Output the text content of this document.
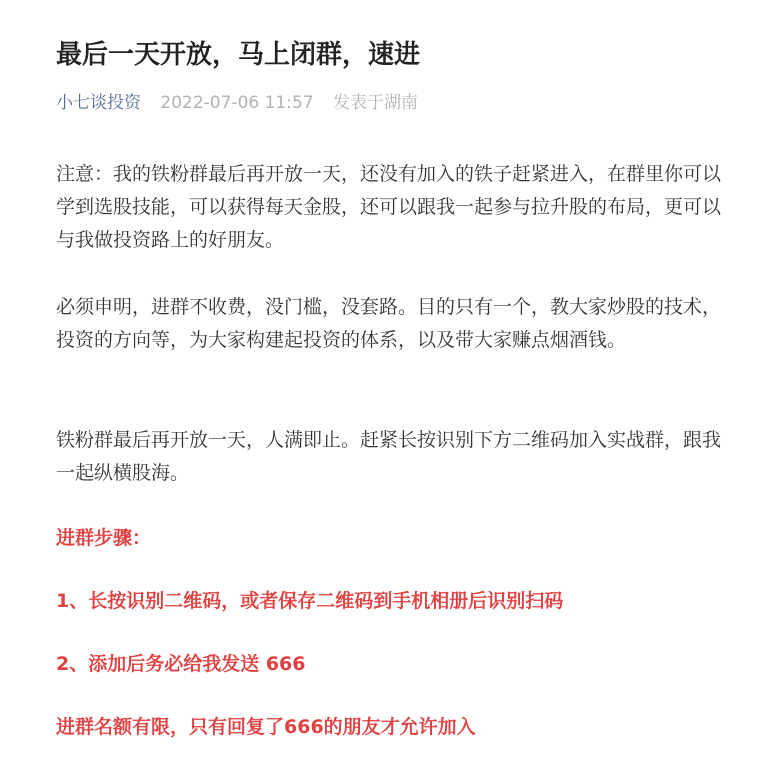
最后一天开放，马上闭群，速进
小七谈投资 2022-07-06 11:57 发表于湖南

注意：我的铁粉群最后再开放一天，还没有加入的铁子赶紧进入，在群里你可以学到选股技能，可以获得每天金股，还可以跟我一起参与拉升股的布局，更可以与我做投资路上的好朋友。

必须申明，进群不收费，没门槛，没套路。目的只有一个，教大家炒股的技术，投资的方向等，为大家构建起投资的体系，以及带大家赚点烟酒钱。

铁粉群最后再开放一天，人满即止。赶紧长按识别下方二维码加入实战群，跟我一起纵横股海。

进群步骤：

1、长按识别二维码，或者保存二维码到手机相册后识别扫码

2、添加后务必给我发送 666

进群名额有限，只有回复了666的朋友才允许加入
